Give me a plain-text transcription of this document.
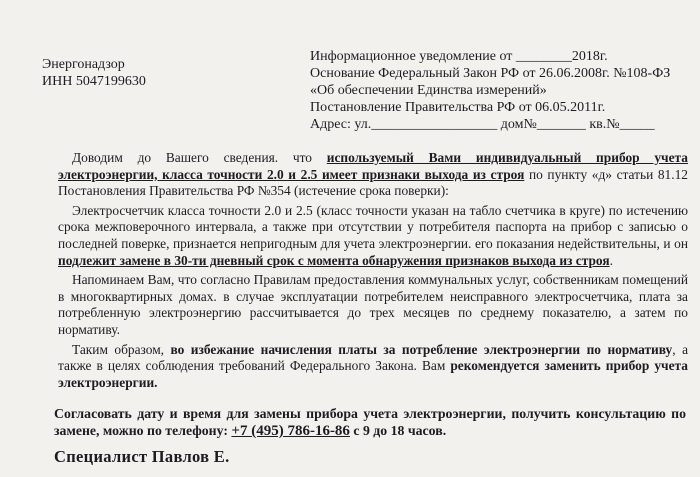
Энергонадзор
ИНН 5047199630
Информационное уведомление от ________2018г.
Основание Федеральный Закон РФ от 26.06.2008г. №108-ФЗ
«Об обеспечении Единства измерений»
Постановление Правительства РФ от 06.05.2011г.
Адрес: ул.__________________ дом№_______ кв.№_____

Доводим до Вашего сведения. что используемый Вами индивидуальный прибор учета электроэнергии, класса точности 2.0 и 2.5 имеет признаки выхода из строя по пункту «д» статьи 81.12 Постановления Правительства РФ №354 (истечение срока поверки):

Электросчетчик класса точности 2.0 и 2.5 (класс точности указан на табло счетчика в круге) по истечению срока межповерочного интервала, а также при отсутствии у потребителя паспорта на прибор с записью о последней поверке, признается непригодным для учета электроэнергии. его показания недействительны, и он подлежит замене в 30-ти дневный срок с момента обнаружения признаков выхода из строя.

Напоминаем Вам, что согласно Правилам предоставления коммунальных услуг, собственникам помещений в многоквартирных домах. в случае эксплуатации потребителем неисправного электросчетчика, плата за потребленную электроэнергию рассчитывается до трех месяцев по среднему показателю, а затем по нормативу.

Таким образом, во избежание начисления платы за потребление электроэнергии по нормативу, а также в целях соблюдения требований Федерального Закона. Вам рекомендуется заменить прибор учета электроэнергии.

Согласовать дату и время для замены прибора учета электроэнергии, получить консультацию по замене, можно по телефону: +7 (495) 786-16-86 с 9 до 18 часов.
Специалист Павлов Е.
